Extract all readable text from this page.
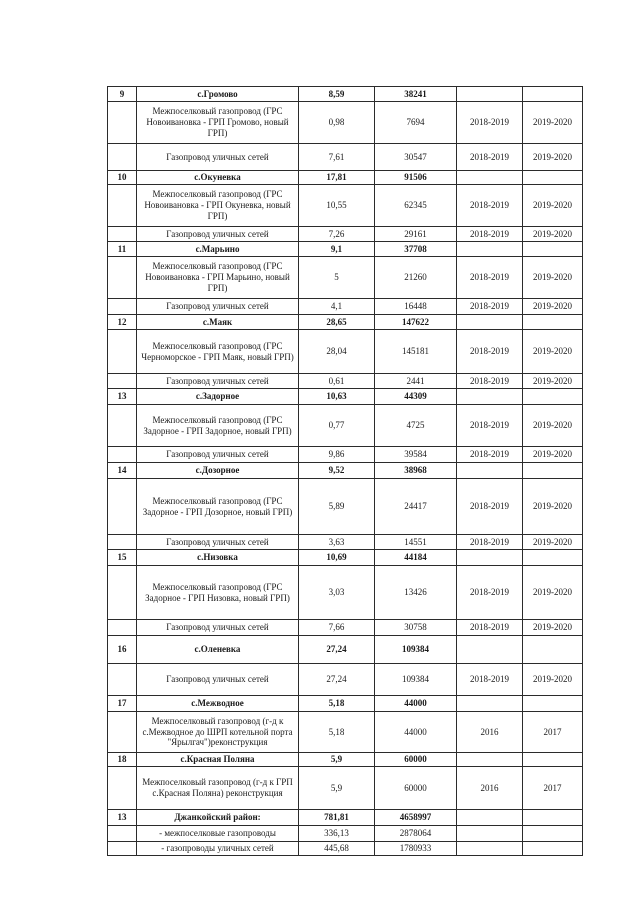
9	с.Громово	8,59	38241		
	Межпоселковый газопровод (ГРС Новоивановка - ГРП Громово, новый ГРП)	0,98	7694	2018-2019	2019-2020
	Газопровод уличных сетей	7,61	30547	2018-2019	2019-2020
10	с.Окуневка	17,81	91506		
	Межпоселковый газопровод (ГРС Новоивановка - ГРП Окуневка, новый ГРП)	10,55	62345	2018-2019	2019-2020
	Газопровод уличных сетей	7,26	29161	2018-2019	2019-2020
11	с.Марьино	9,1	37708		
	Межпоселковый газопровод (ГРС Новоивановка - ГРП Марьино, новый ГРП)	5	21260	2018-2019	2019-2020
	Газопровод уличных сетей	4,1	16448	2018-2019	2019-2020
12	с.Маяк	28,65	147622		
	Межпоселковый газопровод (ГРС Черноморское - ГРП Маяк, новый ГРП)	28,04	145181	2018-2019	2019-2020
	Газопровод уличных сетей	0,61	2441	2018-2019	2019-2020
13	с.Задорное	10,63	44309		
	Межпоселковый газопровод (ГРС Задорное - ГРП Задорное, новый ГРП)	0,77	4725	2018-2019	2019-2020
	Газопровод уличных сетей	9,86	39584	2018-2019	2019-2020
14	с.Дозорное	9,52	38968		
	Межпоселковый газопровод (ГРС Задорное - ГРП Дозорное, новый ГРП)	5,89	24417	2018-2019	2019-2020
	Газопровод уличных сетей	3,63	14551	2018-2019	2019-2020
15	с.Низовка	10,69	44184		
	Межпоселковый газопровод (ГРС Задорное - ГРП Низовка, новый ГРП)	3,03	13426	2018-2019	2019-2020
	Газопровод уличных сетей	7,66	30758	2018-2019	2019-2020
16	с.Оленевка	27,24	109384		
	Газопровод уличных сетей	27,24	109384	2018-2019	2019-2020
17	с.Межводное	5,18	44000		
	Межпоселковый газопровод (г-д к с.Межводное до ШРП котельной порта "Ярылгач")реконструкция	5,18	44000	2016	2017
18	с.Красная Поляна	5,9	60000		
	Межпоселковый газопровод (г-д к ГРП с.Красная Поляна) реконструкция	5,9	60000	2016	2017
13	Джанкойский район:	781,81	4658997		
	- межпоселковые газопроводы	336,13	2878064		
	- газопроводы уличных сетей	445,68	1780933		
